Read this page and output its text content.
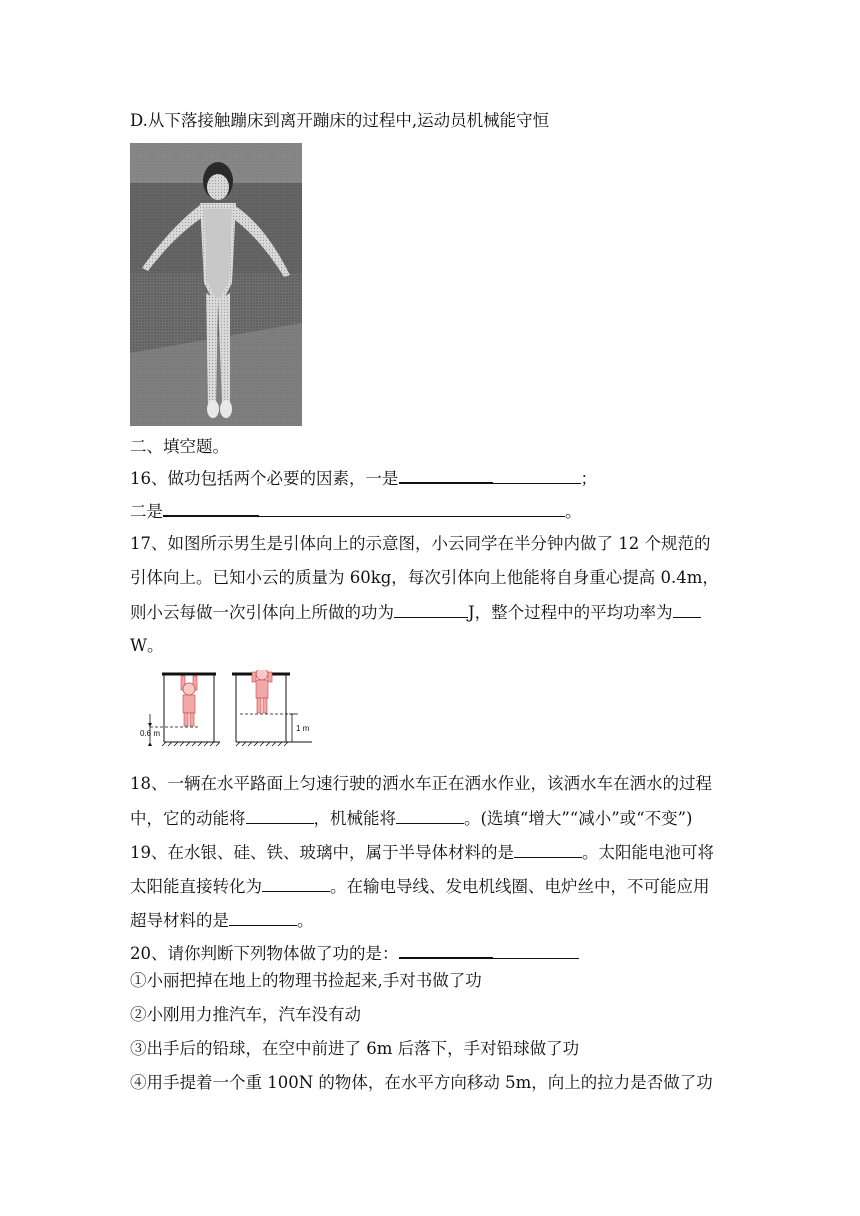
D.从下落接触蹦床到离开蹦床的过程中,运动员机械能守恒
二、填空题。
16、做功包括两个必要的因素，一是	；
二是	。
17、如图所示男生是引体向上的示意图，小云同学在半分钟内做了 12 个规范的
引体向上。已知小云的质量为 60kg，每次引体向上他能将自身重心提高 0.4m，
则小云每做一次引体向上所做的功为	J，整个过程中的平均功率为
W。
0.6 m
1 m
18、一辆在水平路面上匀速行驶的洒水车正在洒水作业，该洒水车在洒水的过程
中，它的动能将	，机械能将	。(选填“增大”“减小”或“不变”)
19、在水银、硅、铁、玻璃中，属于半导体材料的是	。太阳能电池可将
太阳能直接转化为	。在输电导线、发电机线圈、电炉丝中，不可能应用
超导材料的是	。
20、请你判断下列物体做了功的是：
①小丽把掉在地上的物理书捡起来,手对书做了功
②小刚用力推汽车，汽车没有动
③出手后的铅球，在空中前进了 6m 后落下，手对铅球做了功
④用手提着一个重 100N 的物体，在水平方向移动 5m，向上的拉力是否做了功
